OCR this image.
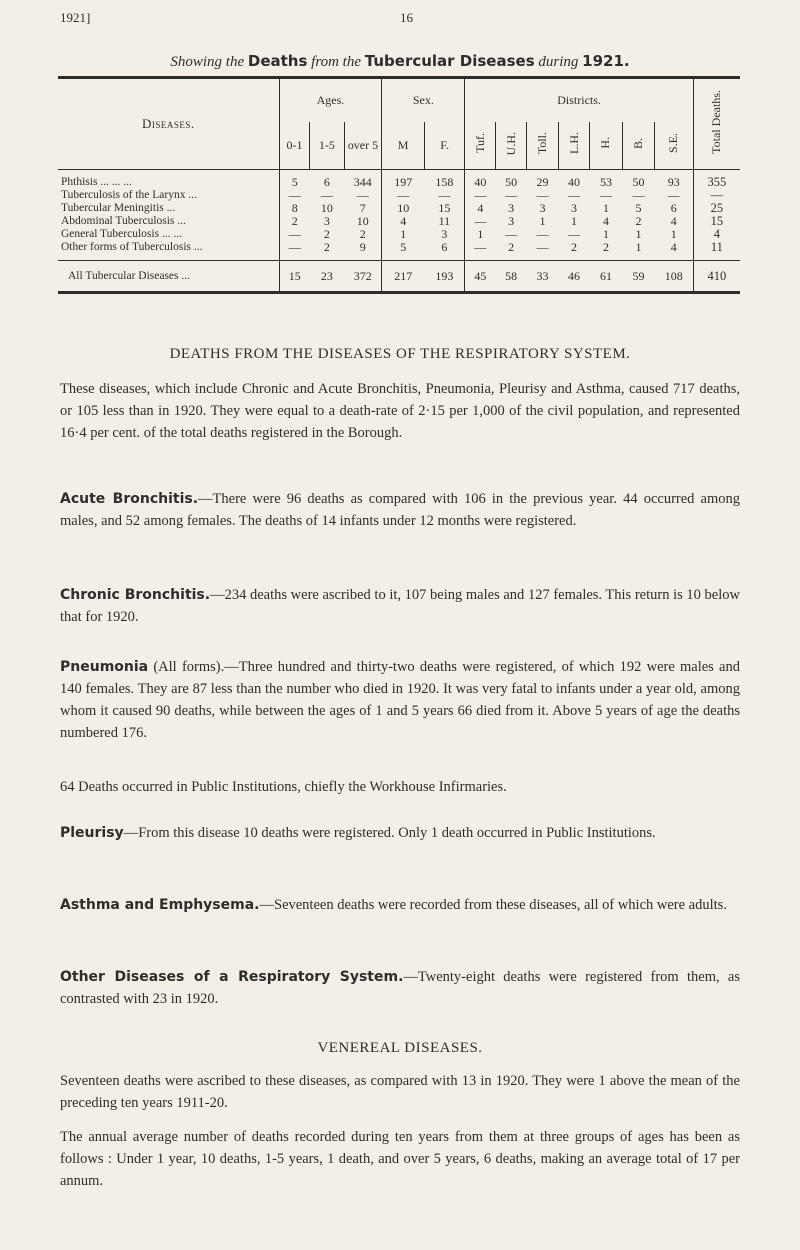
1921]	16
Showing the Deaths from the Tubercular Diseases during 1921.
Diseases.	Ages.			Sex.		Districts.							Total Deaths.
	0-1	1-5	over 5	M	F.	Tuf.	U.H.	Toll.	L.H.	H.	B.	S.E.	
Phthisis ... ... ...	5	6	344	197	158	40	50	29	40	53	50	93	355
Tuberculosis of the Larynx ...	—	—	—	—	—	—	—	—	—	—	—	—	—
Tubercular Meningitis ...	8	10	7	10	15	4	3	3	3	1	5	6	25
Abdominal Tuberculosis ...	2	3	10	4	11	—	3	1	1	4	2	4	15
General Tuberculosis ... ...	—	2	2	1	3	1	—	—	—	1	1	1	4
Other forms of Tuberculosis ...	—	2	9	5	6	—	2	—	2	2	1	4	11
All Tubercular Diseases ...	15	23	372	217	193	45	58	33	46	61	59	108	410
DEATHS FROM THE DISEASES OF THE RESPIRATORY SYSTEM.
These diseases, which include Chronic and Acute Bronchitis, Pneumonia, Pleurisy and Asthma, caused 717 deaths, or 105 less than in 1920. They were equal to a death-rate of 2·15 per 1,000 of the civil population, and represented 16·4 per cent. of the total deaths registered in the Borough.
Acute Bronchitis.—There were 96 deaths as compared with 106 in the previous year. 44 occurred among males, and 52 among females. The deaths of 14 infants under 12 months were registered.
Chronic Bronchitis.—234 deaths were ascribed to it, 107 being males and 127 females. This return is 10 below that for 1920.
Pneumonia (All forms).—Three hundred and thirty-two deaths were registered, of which 192 were males and 140 females. They are 87 less than the number who died in 1920. It was very fatal to infants under a year old, among whom it caused 90 deaths, while between the ages of 1 and 5 years 66 died from it. Above 5 years of age the deaths numbered 176.
64 Deaths occurred in Public Institutions, chiefly the Workhouse Infirmaries.
Pleurisy—From this disease 10 deaths were registered. Only 1 death occurred in Public Institutions.
Asthma and Emphysema.—Seventeen deaths were recorded from these diseases, all of which were adults.
Other Diseases of a Respiratory System.—Twenty-eight deaths were registered from them, as contrasted with 23 in 1920.
VENEREAL DISEASES.
Seventeen deaths were ascribed to these diseases, as compared with 13 in 1920. They were 1 above the mean of the preceding ten years 1911-20.
The annual average number of deaths recorded during ten years from them at three groups of ages has been as follows : Under 1 year, 10 deaths, 1-5 years, 1 death, and over 5 years, 6 deaths, making an average total of 17 per annum.
